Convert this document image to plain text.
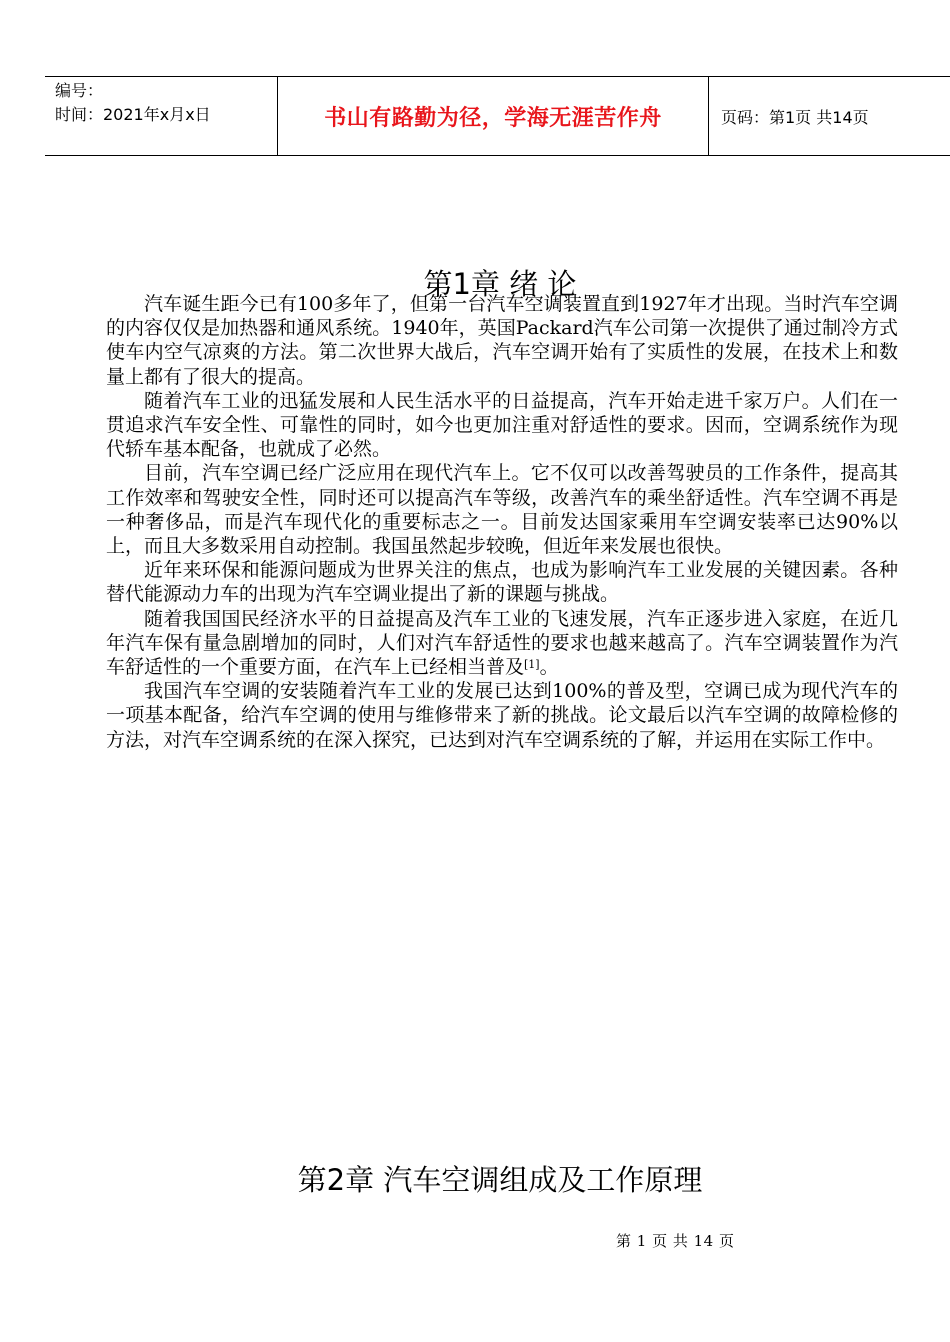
编号：
时间：2021年x月x日	书山有路勤为径，学海无涯苦作舟	页码：第1页 共14页
第1章 绪 论

汽车诞生距今已有100多年了，但第一台汽车空调装置直到1927年才出现。当时汽车空调的内容仅仅是加热器和通风系统。1940年，英国Packard汽车公司第一次提供了通过制冷方式使车内空气凉爽的方法。第二次世界大战后，汽车空调开始有了实质性的发展，在技术上和数量上都有了很大的提高。

随着汽车工业的迅猛发展和人民生活水平的日益提高，汽车开始走进千家万户。人们在一贯追求汽车安全性、可靠性的同时，如今也更加注重对舒适性的要求。因而，空调系统作为现代轿车基本配备，也就成了必然。

目前，汽车空调已经广泛应用在现代汽车上。它不仅可以改善驾驶员的工作条件，提高其工作效率和驾驶安全性，同时还可以提高汽车等级，改善汽车的乘坐舒适性。汽车空调不再是一种奢侈品，而是汽车现代化的重要标志之一。目前发达国家乘用车空调安装率已达90%以上，而且大多数采用自动控制。我国虽然起步较晚，但近年来发展也很快。

近年来环保和能源问题成为世界关注的焦点，也成为影响汽车工业发展的关键因素。各种替代能源动力车的出现为汽车空调业提出了新的课题与挑战。

随着我国国民经济水平的日益提高及汽车工业的飞速发展，汽车正逐步进入家庭，在近几年汽车保有量急剧增加的同时，人们对汽车舒适性的要求也越来越高了。汽车空调装置作为汽车舒适性的一个重要方面，在汽车上已经相当普及[1]。

我国汽车空调的安装随着汽车工业的发展已达到100%的普及型，空调已成为现代汽车的一项基本配备，给汽车空调的使用与维修带来了新的挑战。论文最后以汽车空调的故障检修的方法，对汽车空调系统的在深入探究，已达到对汽车空调系统的了解，并运用在实际工作中。

第2章 汽车空调组成及工作原理
第 1 页 共 14 页
